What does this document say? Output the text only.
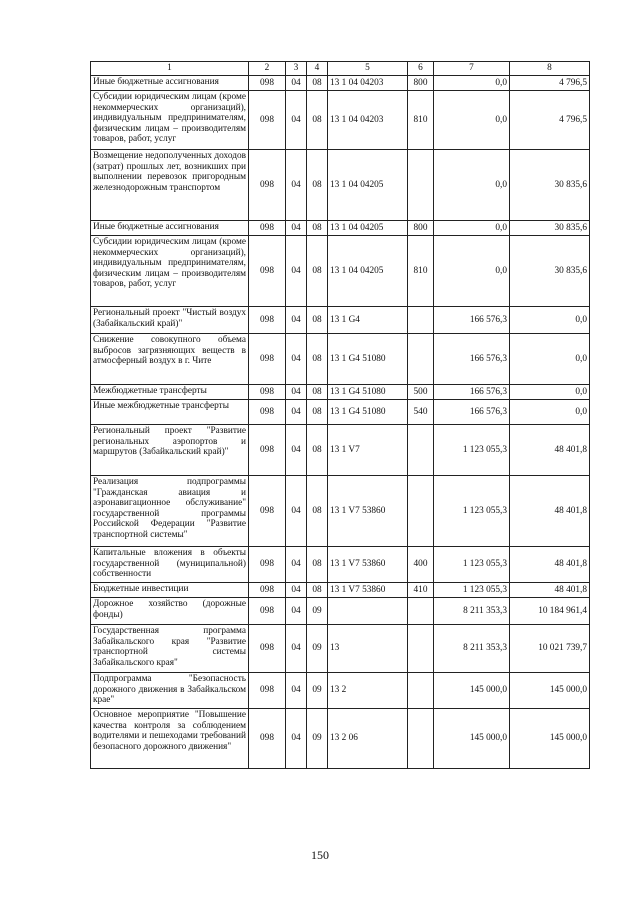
1	2	3	4	5	6	7	8
Иные бюджетные ассигнования	098	04	08	13 1 04 04203	800	0,0	4 796,5
Субсидии юридическим лицам (кроме некоммерческих организаций), индивидуальным предпринимателям, физическим лицам – производителям товаров, работ, услуг	098	04	08	13 1 04 04203	810	0,0	4 796,5
Возмещение недополученных доходов (затрат) прошлых лет, возникших при выполнении перевозок пригородным железнодорожным транспортом	098	04	08	13 1 04 04205		0,0	30 835,6
Иные бюджетные ассигнования	098	04	08	13 1 04 04205	800	0,0	30 835,6
Субсидии юридическим лицам (кроме некоммерческих организаций), индивидуальным предпринимателям, физическим лицам – производителям товаров, работ, услуг	098	04	08	13 1 04 04205	810	0,0	30 835,6
Региональный проект "Чистый воздух (Забайкальский край)"	098	04	08	13 1 G4		166 576,3	0,0
Снижение совокупного объема выбросов загрязняющих веществ в атмосферный воздух в г. Чите	098	04	08	13 1 G4 51080		166 576,3	0,0
Межбюджетные трансферты	098	04	08	13 1 G4 51080	500	166 576,3	0,0
Иные межбюджетные трансферты	098	04	08	13 1 G4 51080	540	166 576,3	0,0
Региональный проект "Развитие региональных аэропортов и маршрутов (Забайкальский край)"	098	04	08	13 1 V7		1 123 055,3	48 401,8
Реализация подпрограммы "Гражданская авиация и аэронавигационное обслуживание" государственной программы Российской Федерации "Развитие транспортной системы"	098	04	08	13 1 V7 53860		1 123 055,3	48 401,8
Капитальные вложения в объекты государственной (муниципальной) собственности	098	04	08	13 1 V7 53860	400	1 123 055,3	48 401,8
Бюджетные инвестиции	098	04	08	13 1 V7 53860	410	1 123 055,3	48 401,8
Дорожное хозяйство (дорожные фонды)	098	04	09			8 211 353,3	10 184 961,4
Государственная программа Забайкальского края "Развитие транспортной системы Забайкальского края"	098	04	09	13		8 211 353,3	10 021 739,7
Подпрограмма "Безопасность дорожного движения в Забайкальском крае"	098	04	09	13 2		145 000,0	145 000,0
Основное мероприятие "Повышение качества контроля за соблюдением водителями и пешеходами требований безопасного дорожного движения"	098	04	09	13 2 06		145 000,0	145 000,0
150
